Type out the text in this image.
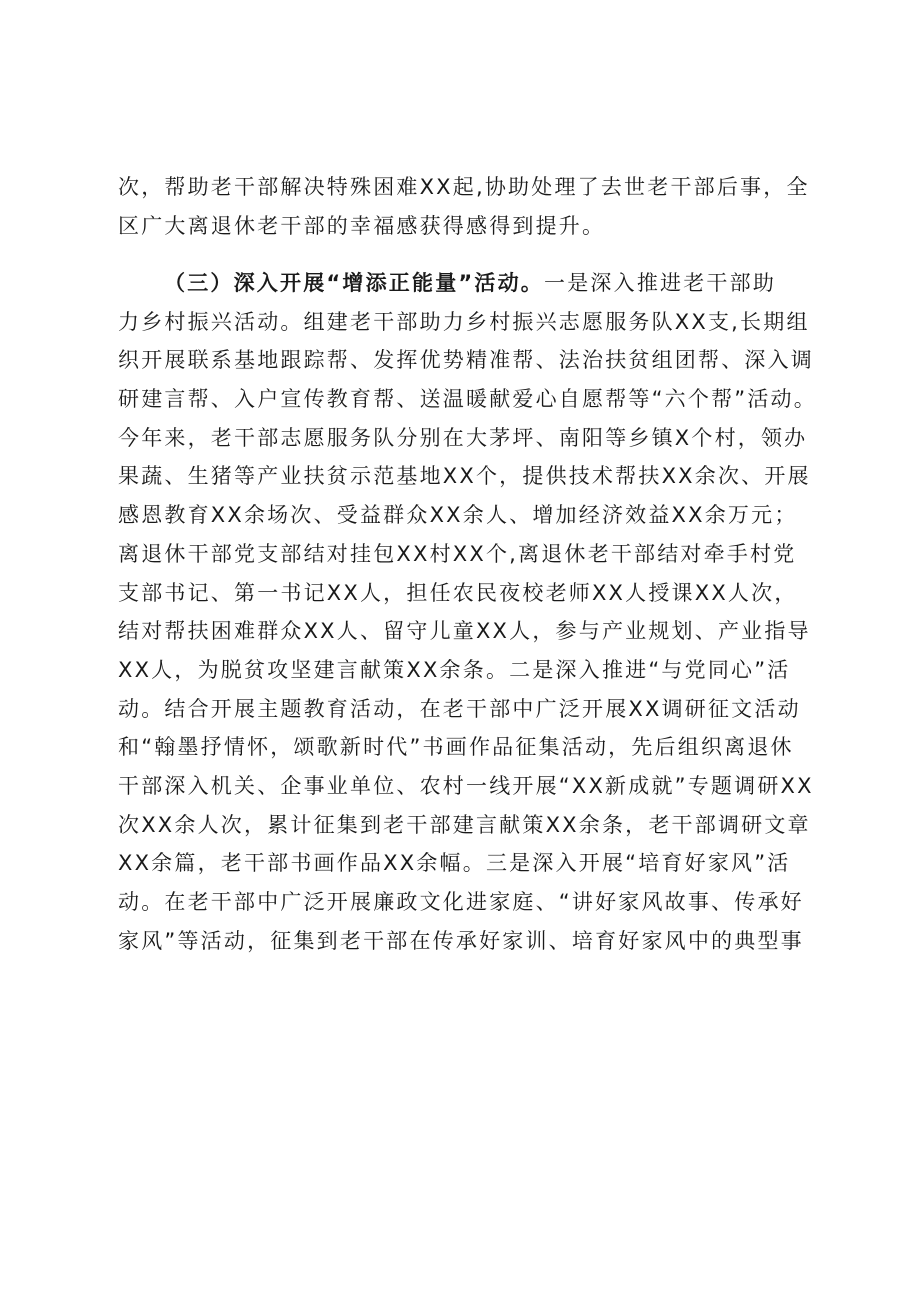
次，帮助老干部解决特殊困难XX起,协助处理了去世老干部后事，全
区广大离退休老干部的幸福感获得感得到提升。
（三）深入开展“增添正能量”活动。一是深入推进老干部助
力乡村振兴活动。组建老干部助力乡村振兴志愿服务队XX支,长期组
织开展联系基地跟踪帮、发挥优势精准帮、法治扶贫组团帮、深入调
研建言帮、入户宣传教育帮、送温暖献爱心自愿帮等“六个帮”活动。
今年来，老干部志愿服务队分别在大茅坪、南阳等乡镇X个村，领办
果蔬、生猪等产业扶贫示范基地XX个，提供技术帮扶XX余次、开展
感恩教育XX余场次、受益群众XX余人、增加经济效益XX余万元；
离退休干部党支部结对挂包XX村XX个,离退休老干部结对牵手村党
支部书记、第一书记XX人，担任农民夜校老师XX人授课XX人次，
结对帮扶困难群众XX人、留守儿童XX人，参与产业规划、产业指导
XX人，为脱贫攻坚建言献策XX余条。二是深入推进“与党同心”活
动。结合开展主题教育活动，在老干部中广泛开展XX调研征文活动
和“翰墨抒情怀，颂歌新时代”书画作品征集活动，先后组织离退休
干部深入机关、企事业单位、农村一线开展“XX新成就”专题调研XX
次XX余人次，累计征集到老干部建言献策XX余条，老干部调研文章
XX余篇，老干部书画作品XX余幅。三是深入开展“培育好家风”活
动。在老干部中广泛开展廉政文化进家庭、“讲好家风故事、传承好
家风”等活动，征集到老干部在传承好家训、培育好家风中的典型事
